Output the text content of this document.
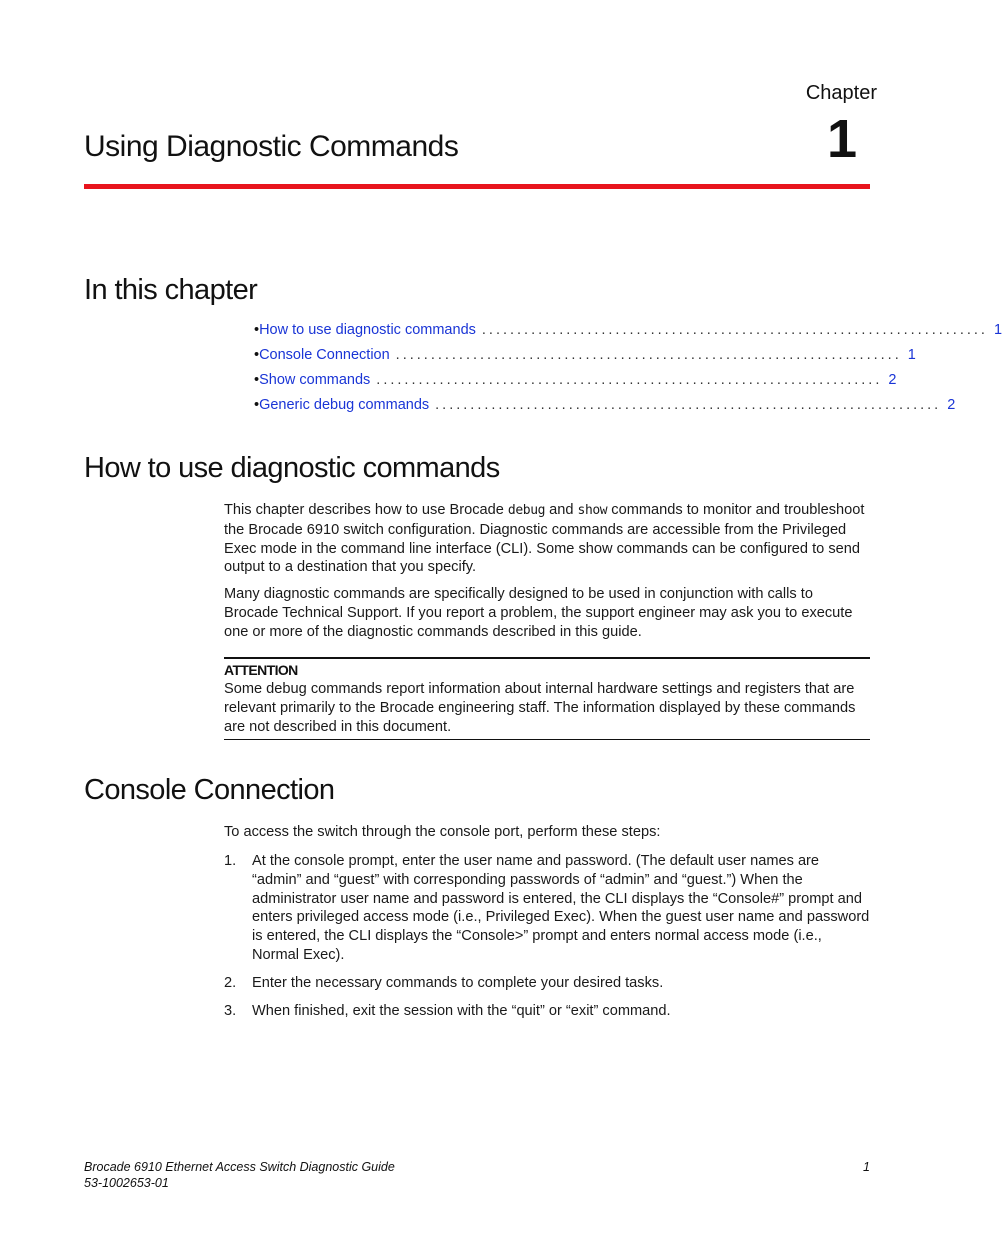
Chapter
1
Using Diagnostic Commands
In this chapter
• How to use diagnostic commands ........................................................................ 1
• Console Connection ........................................................................ 1
• Show commands ........................................................................ 2
• Generic debug commands ........................................................................ 2
How to use diagnostic commands
This chapter describes how to use Brocade debug and show commands to monitor and troubleshoot the Brocade 6910 switch configuration. Diagnostic commands are accessible from the Privileged Exec mode in the command line interface (CLI). Some show commands can be configured to send output to a destination that you specify.
Many diagnostic commands are specifically designed to be used in conjunction with calls to Brocade Technical Support. If you report a problem, the support engineer may ask you to execute one or more of the diagnostic commands described in this guide.
ATTENTION
Some debug commands report information about internal hardware settings and registers that are relevant primarily to the Brocade engineering staff. The information displayed by these commands are not described in this document.
Console Connection
To access the switch through the console port, perform these steps:
1.	At the console prompt, enter the user name and password. (The default user names are “admin” and “guest” with corresponding passwords of “admin” and “guest.”) When the administrator user name and password is entered, the CLI displays the “Console#” prompt and enters privileged access mode (i.e., Privileged Exec). When the guest user name and password is entered, the CLI displays the “Console>” prompt and enters normal access mode (i.e., Normal Exec).
2.	Enter the necessary commands to complete your desired tasks.
3.	When finished, exit the session with the “quit” or “exit” command.
Brocade 6910 Ethernet Access Switch Diagnostic Guide
53-1002653-01
1
